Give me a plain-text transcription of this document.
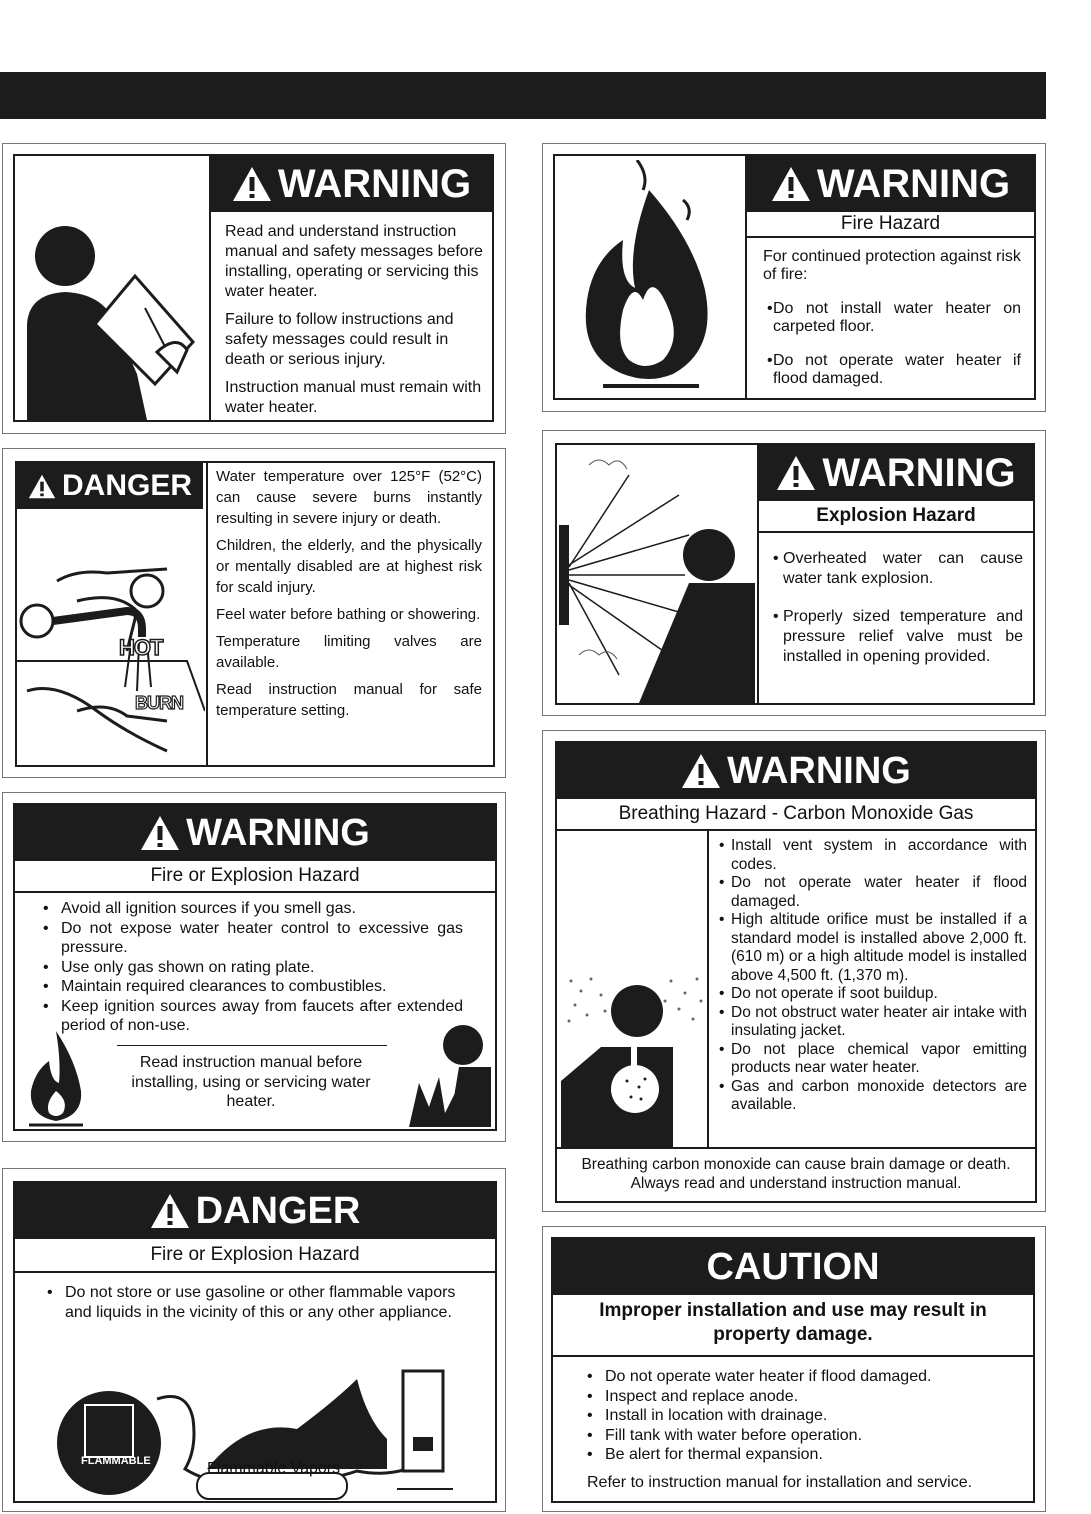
WARNING

Read and understand instruction manual and safety messages before installing, operating or servicing this water heater.

Failure to follow instructions and safety messages could result in death or serious injury.

Instruction manual must remain with water heater.

DANGER
HOT
BURN

Water temperature over 125°F (52°C) can cause severe burns instantly resulting in severe injury or death.

Children, the elderly, and the physically or mentally disabled are at highest risk for scald injury.

Feel water before bathing or showering.

Temperature limiting valves are available.

Read instruction manual for safe temperature setting.

WARNING
Fire or Explosion Hazard
• Avoid all ignition sources if you smell gas.
• Do not expose water heater control to excessive gas pressure.
• Use only gas shown on rating plate.
• Maintain required clearances to combustibles.
• Keep ignition sources away from faucets after extended period of non-use.
Read instruction manual before installing, using or servicing water heater.
DANGER
Fire or Explosion Hazard
• Do not store or use gasoline or other flammable vapors and liquids in the vicinity of this or any other appliance.
FLAMMABLE	Flammable Vapors
WARNING
Fire Hazard

For continued protection against risk of fire:

• Do not install water heater on carpeted floor.
• Do not operate water heater if flood damaged.
WARNING
Explosion Hazard
• Overheated water can cause water tank explosion.
• Properly sized temperature and pressure relief valve must be installed in opening provided.
WARNING
Breathing Hazard - Carbon Monoxide Gas
• Install vent system in accordance with codes.
• Do not operate water heater if flood damaged.
• High altitude orifice must be installed if a standard model is installed above 2,000 ft.(610 m) or a high altitude model is installed above 4,500 ft. (1,370 m).
• Do not operate if soot buildup.
• Do not obstruct water heater air intake with insulating jacket.
• Do not place chemical vapor emitting products near water heater.
• Gas and carbon monoxide detectors are available.
Breathing carbon monoxide can cause brain damage or death. Always read and understand instruction manual.
CAUTION
Improper installation and use may result in property damage.
• Do not operate water heater if flood damaged.
• Inspect and replace anode.
• Install in location with drainage.
• Fill tank with water before operation.
• Be alert for thermal expansion.
Refer to instruction manual for installation and service.
